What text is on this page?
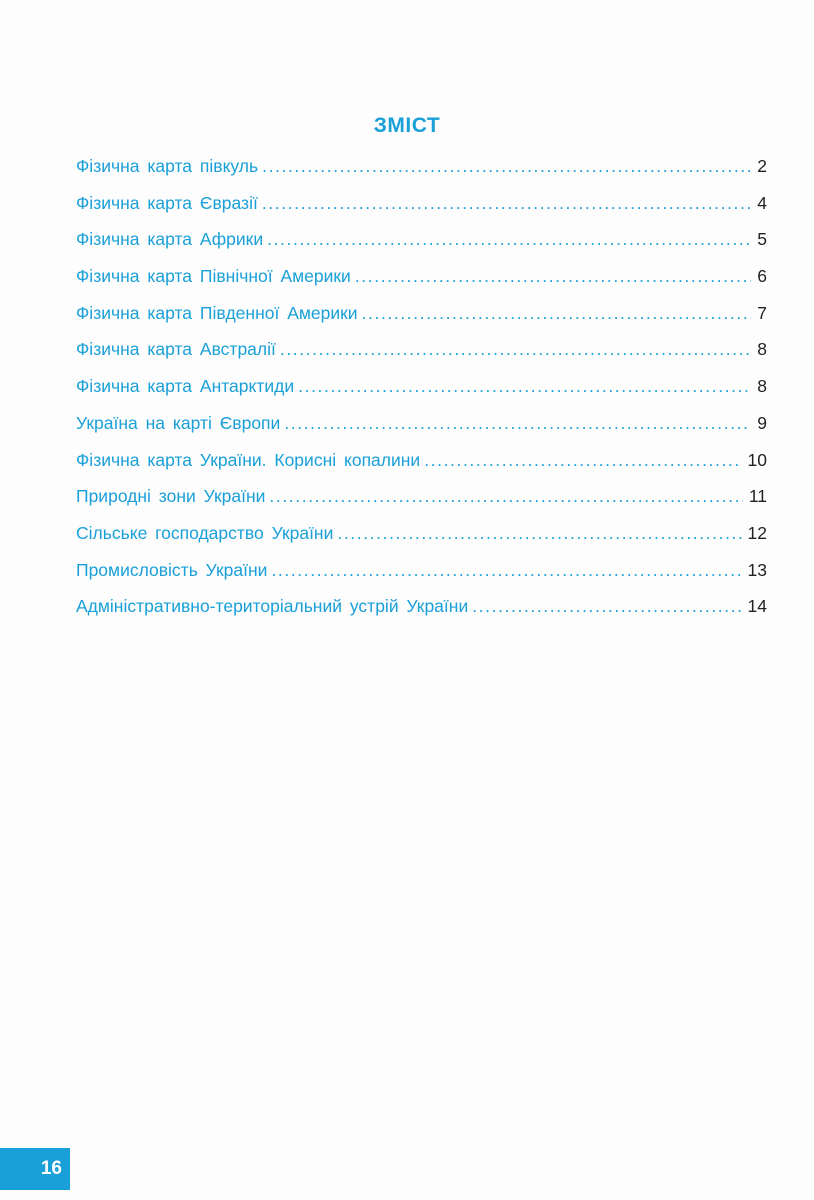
ЗМІСТ
Фізична карта півкуль .....	2
Фізична карта Євразії .....	4
Фізична карта Африки .....	5
Фізична карта Північної Америки .....	6
Фізична карта Південної Америки .....	7
Фізична карта Австралії .....	8
Фізична карта Антарктиди .....	8
Україна на карті Європи .....	9
Фізична карта України. Корисні копалини .....	10
Природні зони України .....	11
Сільське господарство України .....	12
Промисловість України .....	13
Адміністративно-територіальний устрій України .....	14
16
